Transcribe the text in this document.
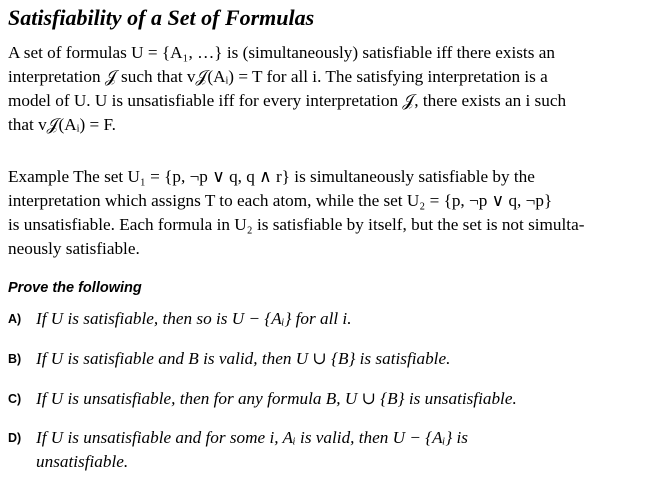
Satisfiability of a Set of Formulas

A set of formulas U = {A₁, …} is (simultaneously) satisfiable iff there exists an
interpretation 𝒥 such that v𝒥(Aᵢ) = T for all i. The satisfying interpretation is a
model of U. U is unsatisfiable iff for every interpretation 𝒥, there exists an i such
that v𝒥(Aᵢ) = F.

Example The set U₁ = {p, ¬p ∨ q, q ∧ r} is simultaneously satisfiable by the
interpretation which assigns T to each atom, while the set U₂ = {p, ¬p ∨ q, ¬p}
is unsatisfiable. Each formula in U₂ is satisfiable by itself, but the set is not simulta-
neously satisfiable.

Prove the following
A) If U is satisfiable, then so is U − {Aᵢ} for all i.
B) If U is satisfiable and B is valid, then U ∪ {B} is satisfiable.
C) If U is unsatisfiable, then for any formula B, U ∪ {B} is unsatisfiable.
D) If U is unsatisfiable and for some i, Aᵢ is valid, then U − {Aᵢ} is
unsatisfiable.
